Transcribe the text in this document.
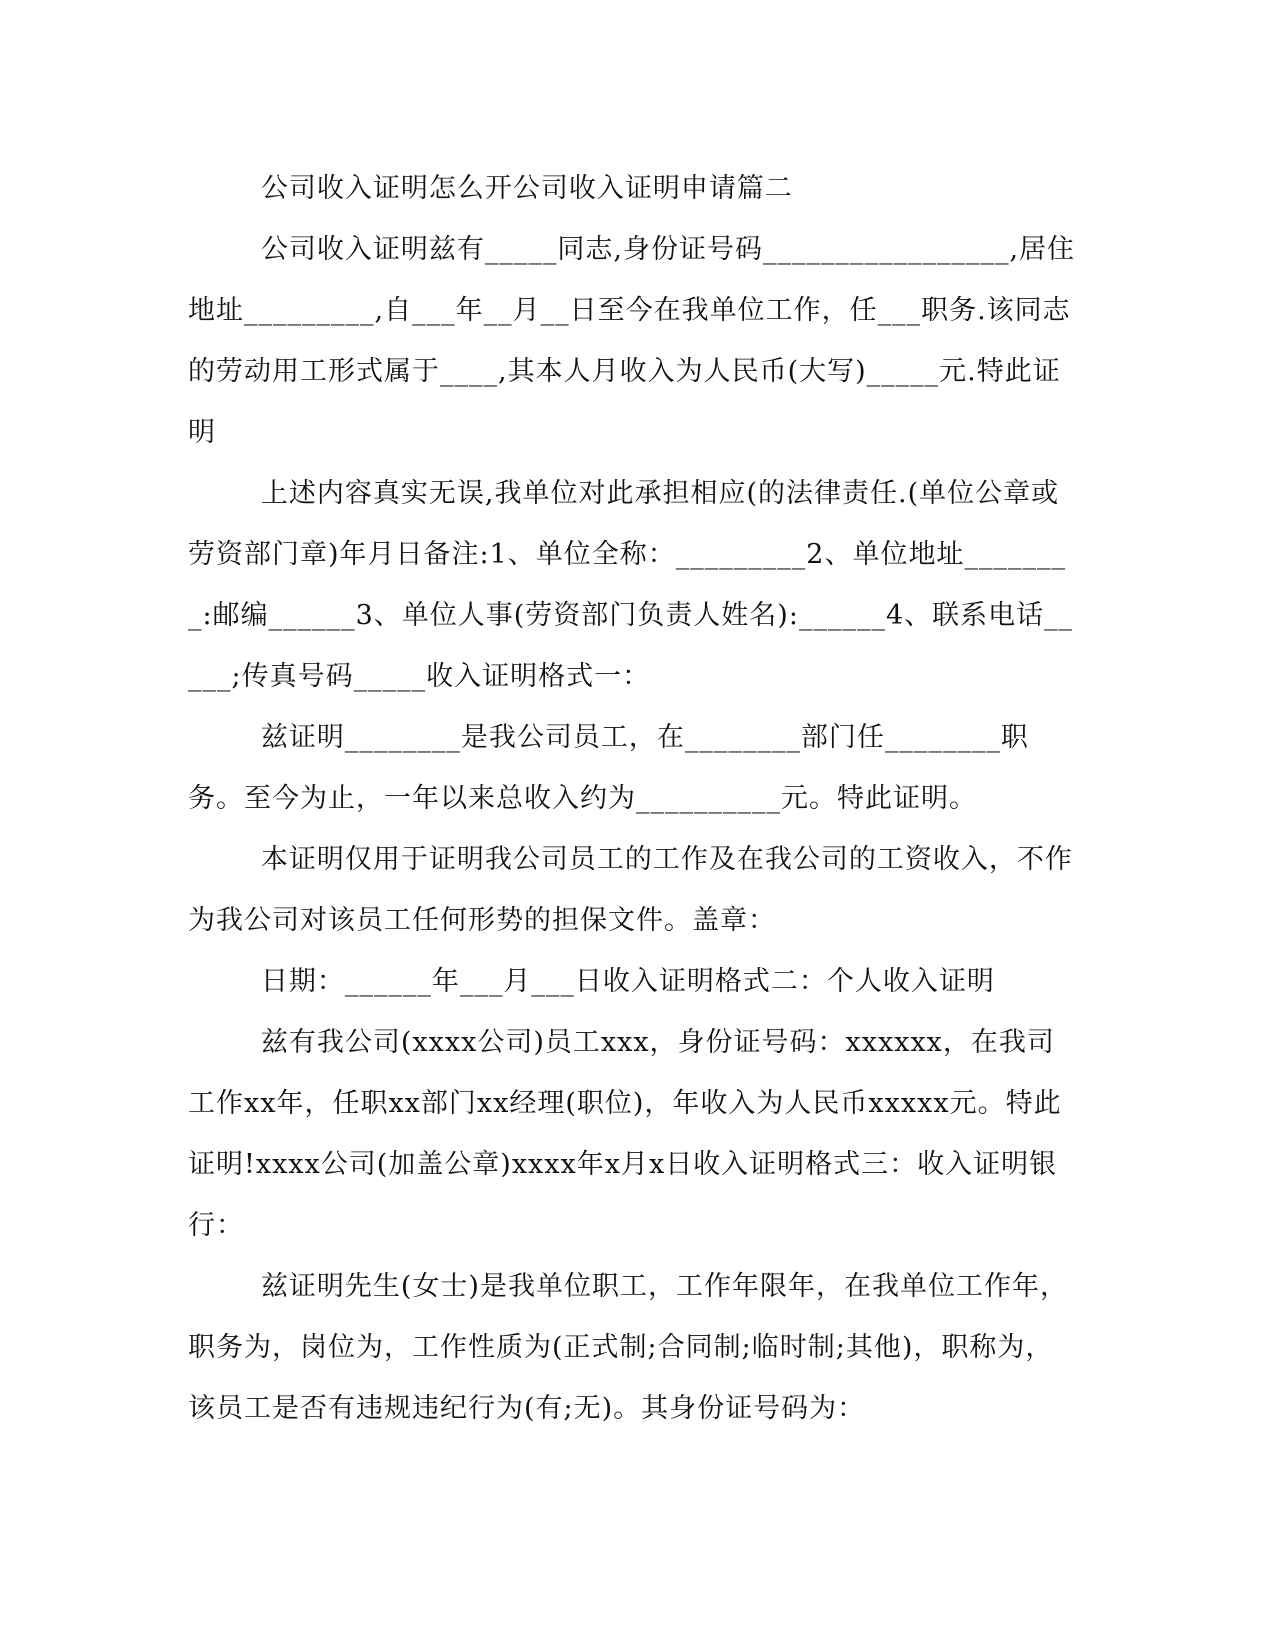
公司收入证明怎么开公司收入证明申请篇二

公司收入证明兹有_____同志,身份证号码_________________,居住地址_________,自___年__月__日至今在我单位工作，任___职务.该同志的劳动用工形式属于____,其本人月收入为人民币(大写)_____元.特此证明

上述内容真实无误,我单位对此承担相应(的法律责任.(单位公章或劳资部门章)年月日备注:1、单位全称：_________2、单位地址________:邮编______3、单位人事(劳资部门负责人姓名):______4、联系电话_____;传真号码_____收入证明格式一：

兹证明________是我公司员工，在________部门任________职务。至今为止，一年以来总收入约为__________元。特此证明。

本证明仅用于证明我公司员工的工作及在我公司的工资收入，不作为我公司对该员工任何形势的担保文件。盖章：

日期：______年___月___日收入证明格式二：个人收入证明

兹有我公司(xxxx公司)员工xxx，身份证号码：xxxxxx，在我司工作xx年，任职xx部门xx经理(职位)，年收入为人民币xxxxx元。特此证明!xxxx公司(加盖公章)xxxx年x月x日收入证明格式三：收入证明银行：

兹证明先生(女士)是我单位职工，工作年限年，在我单位工作年，职务为，岗位为，工作性质为(正式制;合同制;临时制;其他)，职称为，该员工是否有违规违纪行为(有;无)。其身份证号码为：
